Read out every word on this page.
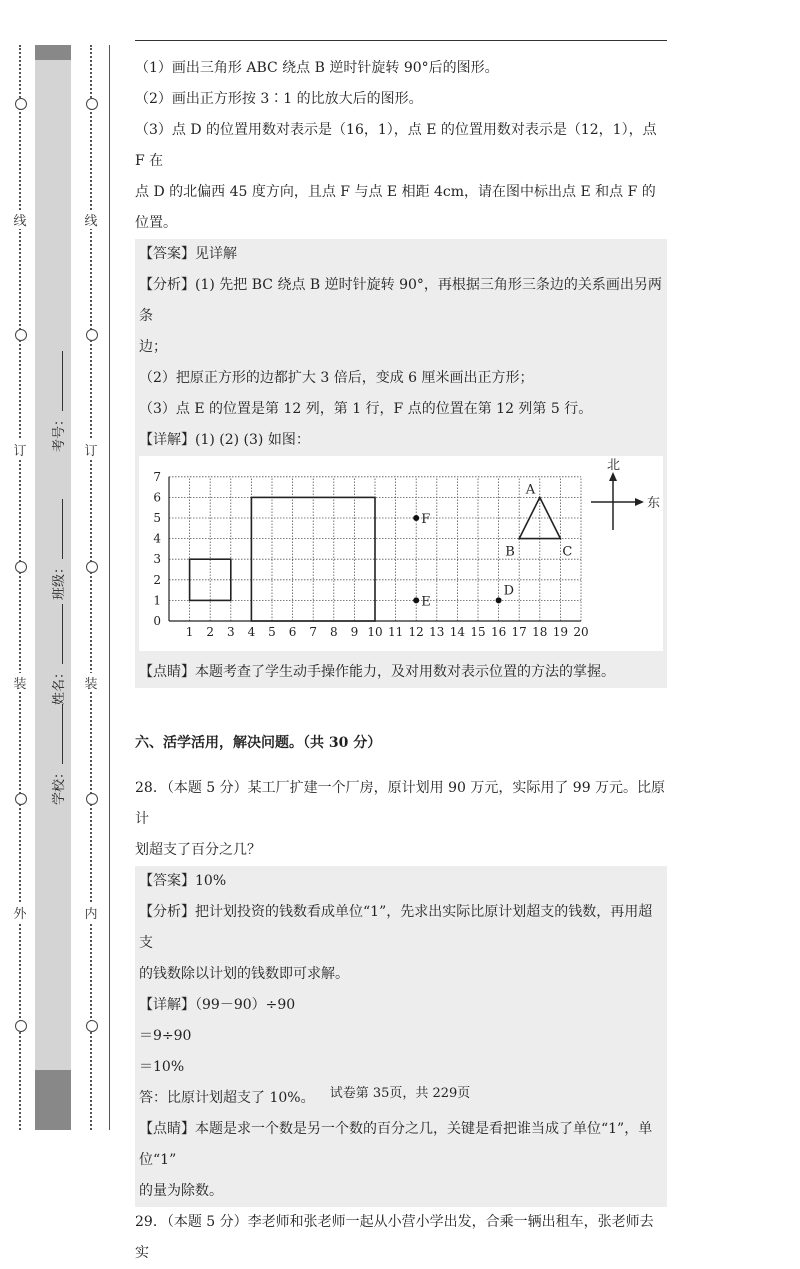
线
订
装
外
考号：
班级：
姓名：
学校：
线
订
装
内

（1）画出三角形 ABC 绕点 B 逆时针旋转 90°后的图形。

（2）画出正方形按 3∶1 的比放大后的图形。

（3）点 D 的位置用数对表示是（16，1），点 E 的位置用数对表示是（12，1），点 F 在

点 D 的北偏西 45 度方向，且点 F 与点 E 相距 4cm，请在图中标出点 E 和点 F 的位置。

【答案】见详解

【分析】(1) 先把 BC 绕点 B 逆时针旋转 90°，再根据三角形三条边的关系画出另两条

边；

（2）把原正方形的边都扩大 3 倍后，变成 6 厘米画出正方形；

（3）点 E 的位置是第 12 列，第 1 行，F 点的位置在第 12 列第 5 行。

【详解】(1) (2) (3) 如图：

1 2 3 4 5 6 7 8 9 10 11 12 13 14 15 16 17 18 19 20
0
1
2
3
4
5
6
7
F
E
D
A
B	C
北
东

【点睛】本题考查了学生动手操作能力，及对用数对表示位置的方法的掌握。

六、活学活用，解决问题。（共 30 分）

28．（本题 5 分）某工厂扩建一个厂房，原计划用 90 万元，实际用了 99 万元。比原计

划超支了百分之几？

【答案】10%

【分析】把计划投资的钱数看成单位“1”，先求出实际比原计划超支的钱数，再用超支

的钱数除以计划的钱数即可求解。

【详解】（99－90）÷90

＝9÷90

＝10%

答：比原计划超支了 10%。

【点睛】本题是求一个数是另一个数的百分之几，关键是看把谁当成了单位“1”，单位“1”

的量为除数。

29．（本题 5 分）李老师和张老师一起从小营小学出发，合乘一辆出租车，张老师去实

试卷第 35页，共 229页
